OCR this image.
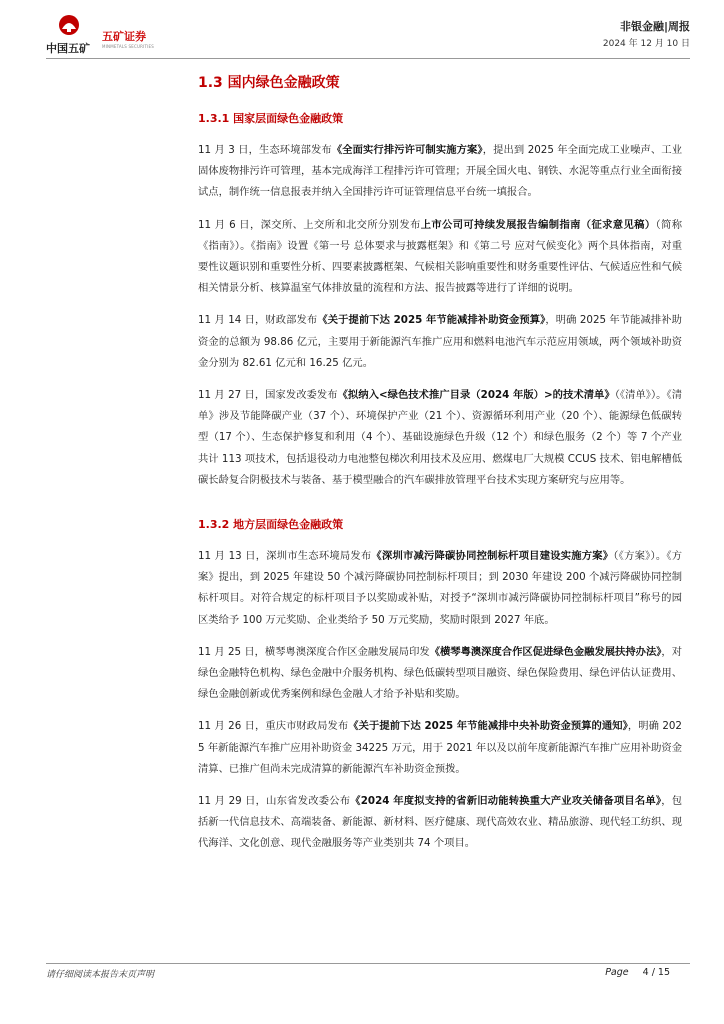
中国五矿
五矿证券
MINMETALS SECURITIES
非银金融|周报
2024 年 12 月 10 日
1.3 国内绿色金融政策
1.3.1 国家层面绿色金融政策

11 月 3 日，生态环境部发布《全面实行排污许可制实施方案》，提出到 2025 年全面完成工业噪声、工业固体废物排污许可管理，基本完成海洋工程排污许可管理；开展全国火电、钢铁、水泥等重点行业全面衔接试点，制作统一信息报表并纳入全国排污许可证管理信息平台统一填报合。

11 月 6 日，深交所、上交所和北交所分别发布上市公司可持续发展报告编制指南（征求意见稿）（简称《指南》）。《指南》设置《第一号 总体要求与披露框架》和《第二号 应对气候变化》两个具体指南，对重要性议题识别和重要性分析、四要素披露框架、气候相关影响重要性和财务重要性评估、气候适应性和气候相关情景分析、核算温室气体排放量的流程和方法、报告披露等进行了详细的说明。

11 月 14 日，财政部发布《关于提前下达 2025 年节能减排补助资金预算》，明确 2025 年节能减排补助资金的总额为 98.86 亿元，主要用于新能源汽车推广应用和燃料电池汽车示范应用领域，两个领域补助资金分别为 82.61 亿元和 16.25 亿元。

11 月 27 日，国家发改委发布《拟纳入<绿色技术推广目录（2024 年版）>的技术清单》（《清单》）。《清单》涉及节能降碳产业（37 个）、环境保护产业（21 个）、资源循环利用产业（20 个）、能源绿色低碳转型（17 个）、生态保护修复和利用（4 个）、基础设施绿色升级（12 个）和绿色服务（2 个）等 7 个产业共计 113 项技术，包括退役动力电池整包梯次利用技术及应用、燃煤电厂大规模 CCUS 技术、铝电解槽低碳长龄复合阴极技术与装备、基于模型融合的汽车碳排放管理平台技术实现方案研究与应用等。

1.3.2 地方层面绿色金融政策

11 月 13 日，深圳市生态环境局发布《深圳市减污降碳协同控制标杆项目建设实施方案》（《方案》）。《方案》提出，到 2025 年建设 50 个减污降碳协同控制标杆项目；到 2030 年建设 200 个减污降碳协同控制标杆项目。对符合规定的标杆项目予以奖励或补贴，对授予“深圳市减污降碳协同控制标杆项目”称号的园区类给予 100 万元奖励、企业类给予 50 万元奖励，奖励时限到 2027 年底。

11 月 25 日，横琴粤澳深度合作区金融发展局印发《横琴粤澳深度合作区促进绿色金融发展扶持办法》，对绿色金融特色机构、绿色金融中介服务机构、绿色低碳转型项目融资、绿色保险费用、绿色评估认证费用、绿色金融创新或优秀案例和绿色金融人才给予补贴和奖励。

11 月 26 日，重庆市财政局发布《关于提前下达 2025 年节能减排中央补助资金预算的通知》，明确 2025 年新能源汽车推广应用补助资金 34225 万元，用于 2021 年以及以前年度新能源汽车推广应用补助资金清算、已推广但尚未完成清算的新能源汽车补助资金预拨。

11 月 29 日，山东省发改委公布《2024 年度拟支持的省新旧动能转换重大产业攻关储备项目名单》，包括新一代信息技术、高端装备、新能源、新材料、医疗健康、现代高效农业、精品旅游、现代轻工纺织、现代海洋、文化创意、现代金融服务等产业类别共 74 个项目。

请仔细阅读本报告末页声明	Page 4 / 15
